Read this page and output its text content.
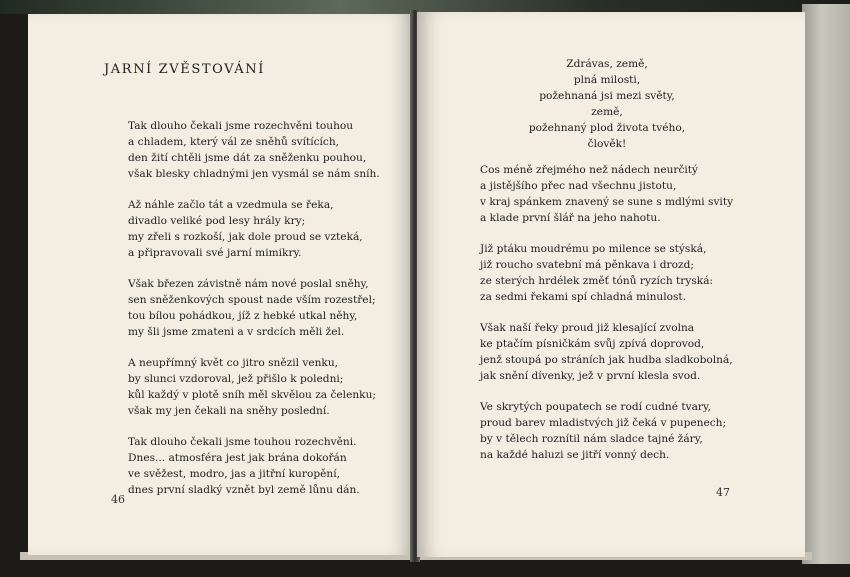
JARNÍ ZVĚSTOVÁNÍ
Tak dlouho čekali jsme rozechvěni touhou
a chladem, který vál ze sněhů svítících,
den žití chtěli jsme dát za sněženku pouhou,
však blesky chladnými jen vysmál se nám sníh.
Až náhle začlo tát a vzedmula se řeka,
divadlo veliké pod lesy hrály kry;
my zřeli s rozkoší, jak dole proud se vzteká,
a připravovali své jarní mimikry.
Však březen závistně nám nové poslal sněhy,
sen sněženkových spoust nade vším rozestřel;
tou bílou pohádkou, jíž z hebké utkal něhy,
my šli jsme zmateni a v srdcích měli žel.
A neupřímný květ co jitro snězil venku,
by slunci vzdoroval, jež přišlo k poledni;
kůl každý v plotě sníh měl skvělou za čelenku;
však my jen čekali na sněhy poslední.
Tak dlouho čekali jsme touhou rozechvěni.
Dnes... atmosféra jest jak brána dokořán
ve svěžest, modro, jas a jitřní kuropění,
dnes první sladký vznět byl země lůnu dán.
46
Zdrávas, země,
plná milosti,
požehnaná jsi mezi světy,
země,
požehnaný plod života tvého,
člověk!
Cos méně zřejmého než nádech neurčitý
a jistějšího přec nad všechnu jistotu,
v kraj spánkem znavený se sune s mdlými svity
a klade první šlář na jeho nahotu.
Již ptáku moudrému po milence se stýská,
již roucho svatební má pěnkava i drozd;
ze sterých hrdélek změť tónů ryzích tryská:
za sedmi řekami spí chladná minulost.
Však naší řeky proud již klesající zvolna
ke ptačím písničkám svůj zpívá doprovod,
jenž stoupá po stráních jak hudba sladkobolná,
jak snění dívenky, jež v první klesla svod.
Ve skrytých poupatech se rodí cudné tvary,
proud barev mladistvých již čeká v pupenech;
by v tělech roznítil nám sladce tajné žáry,
na každé haluzi se jitří vonný dech.
47
